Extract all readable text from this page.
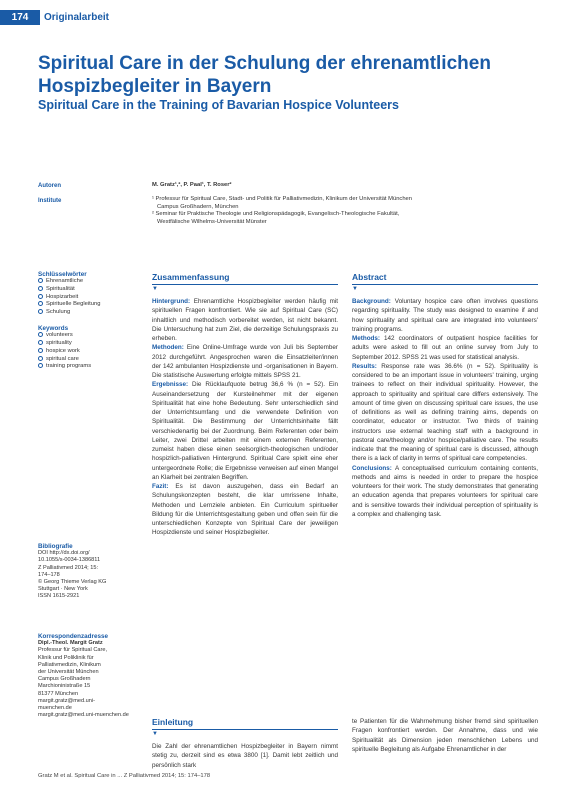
174	Originalarbeit
Spiritual Care in der Schulung der ehrenamtlichen Hospizbegleiter in Bayern
Spiritual Care in the Training of Bavarian Hospice Volunteers
Autoren	M. Gratz¹,², P. Paal¹, T. Roser²
Institute	¹ Professur für Spiritual Care, Stadt- und Politik für Palliativmedizin, Klinikum der Universität München
Campus Großhadern, München
² Seminar für Praktische Theologie und Religionspädagogik, Evangelisch-Theologische Fakultät,
Westfälische Wilhelms-Universität Münster
Schlüsselwörter
Ehrenamtliche
Spiritualität
Hospizarbeit
Spirituelle Begleitung
Schulung
Keywords
volunteers
spirituality
hospice work
spiritual care
training programs
Bibliografie
DOI http://dx.doi.org/
10.1055/s-0034-1386811
Z Palliativmed 2014; 15:
174–178
© Georg Thieme Verlag KG
Stuttgart · New York
ISSN 1615-2921
Korrespondenzadresse
Dipl.-Theol. Margit Gratz
Professur für Spiritual Care,
Klinik und Poliklinik für
Palliativmedizin, Klinikum
der Universität München
Campus Großhadern
Marchioninistraße 15
81377 München
margit.gratz@med.uni-
muenchen.de
margit.gratz@med.uni-muenchen.de
Zusammenfassung
▼

Hintergrund: Ehrenamtliche Hospizbegleiter werden häufig mit spirituellen Fragen konfrontiert. Wie sie auf Spiritual Care (SC) inhaltlich und methodisch vorbereitet werden, ist nicht bekannt. Die Untersuchung hat zum Ziel, die derzeitige Schulungspraxis zu erheben.

Methoden: Eine Online-Umfrage wurde von Juli bis September 2012 durchgeführt. Angesprochen waren die Einsatzleiter/innen der 142 ambulanten Hospizdienste und -organisationen in Bayern. Die statistische Auswertung erfolgte mittels SPSS 21.

Ergebnisse: Die Rücklaufquote betrug 36,6 % (n = 52). Ein Auseinandersetzung der Kursteilnehmer mit der eigenen Spiritualität hat eine hohe Bedeutung. Sehr unterschiedlich sind der Unterrichtsumfang und die verwendete Definition von Spiritualität. Die Bestimmung der Unterrichtsinhalte fällt verschiedenartig bei der Zuordnung. Beim Referenten oder beim Leiter, zwei Drittel arbeiten mit einem externen Referenten, zumeist haben diese einen seelsorglich-theologischen und/oder hospizlich-palliativen Hintergrund. Spiritual Care spielt eine eher untergeordnete Rolle; die Ergebnisse verweisen auf einen Mangel an Klarheit bei zentralen Begriffen.

Fazit: Es ist davon auszugehen, dass ein Bedarf an Schulungskonzepten besteht, die klar umrissene Inhalte, Methoden und Lernziele anbieten. Ein Curriculum spiritueller Bildung für die Unterrichtsgestaltung geben und offen sein für die unterschiedlichen Konzepte von Spiritual Care der jeweiligen Hospizdienste und seiner Hospizbegleiter.

Abstract
▼

Background: Voluntary hospice care often involves questions regarding spirituality. The study was designed to examine if and how spirituality and spiritual care are integrated into volunteers' training programs.

Methods: 142 coordinators of outpatient hospice facilities for adults were asked to fill out an online survey from July to September 2012. SPSS 21 was used for statistical analysis.

Results: Response rate was 36.6% (n = 52). Spirituality is considered to be an important issue in volunteers' training, urging trainees to reflect on their individual spirituality. However, the approach to spirituality and spiritual care differs extensively. The amount of time given on discussing spiritual care issues, the use of definitions as well as defining training aims, depends on coordinator, educator or instructor. Two thirds of training instructors use external teaching staff with a background in pastoral care/theology and/or hospice/palliative care. The results indicate that the meaning of spiritual care is discussed, although there is a lack of clarity in terms of spiritual care competencies.

Conclusions: A conceptualised curriculum containing contents, methods and aims is needed in order to prepare the hospice volunteers for their work. The study demonstrates that generating an education agenda that prepares volunteers for spiritual care and is sensitive towards their individual perception of spirituality is a complex and challenging task.

Einleitung
▼
Die Zahl der ehrenamtlichen Hospizbegleiter in Bayern nimmt stetig zu, derzeit sind es etwa 3800 [1]. Damit lebt zeitlich und persönlich stark
te Patienten für die Wahrnehmung bisher fremd sind spirituellen Fragen konfrontiert werden. Der Annahme, dass und wie Spiritualität als Dimension jeden menschlichen Lebens und spirituelle Begleitung als Aufgabe Ehrenamtlicher in der
Gratz M et al. Spiritual Care in ... Z Palliativmed 2014; 15: 174–178
